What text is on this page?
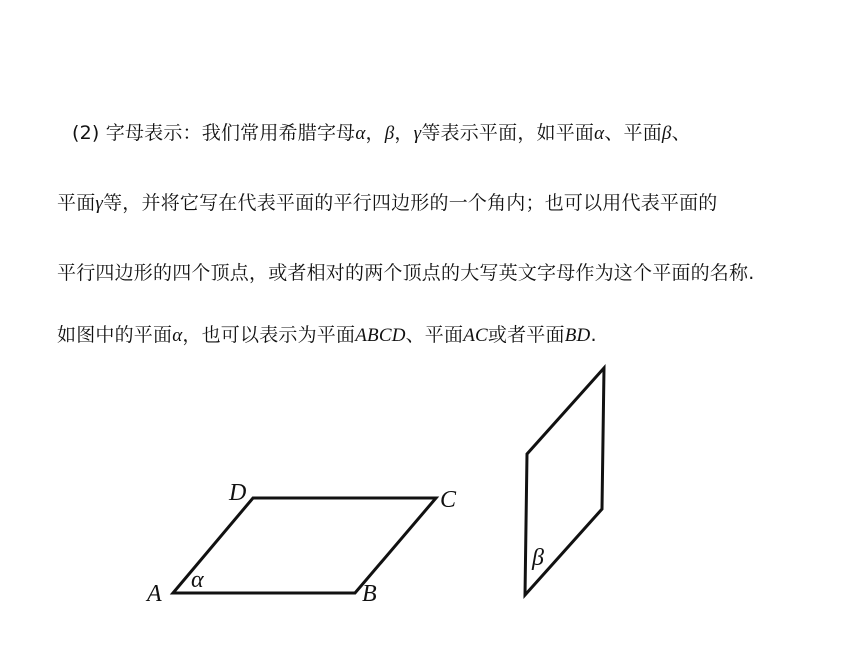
(2) 字母表示：我们常用希腊字母α，β，γ等表示平面，如平面α、平面β、
平面γ等，并将它写在代表平面的平行四边形的一个角内；也可以用代表平面的
平行四边形的四个顶点，或者相对的两个顶点的大写英文字母作为这个平面的名称.
如图中的平面α，也可以表示为平面ABCD、平面AC或者平面BD.
A	B
C
D
α
β
